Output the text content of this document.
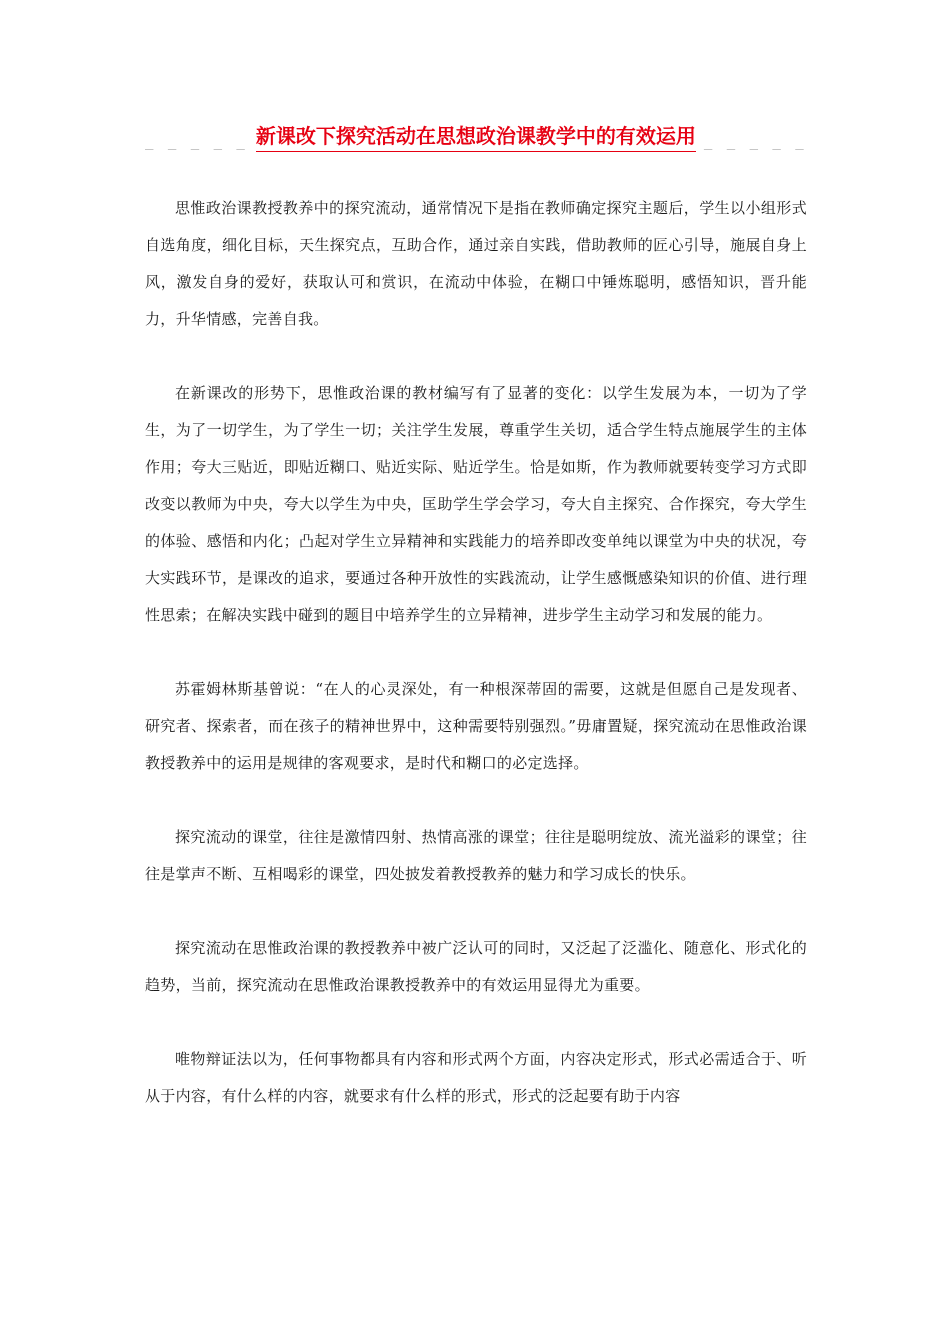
_ _ _ _ _ 新课改下探究活动在思想政治课教学中的有效运用 _ _ _ _ _

思惟政治课教授教养中的探究流动，通常情况下是指在教师确定探究主题后，学生以小组形式自选角度，细化目标，天生探究点，互助合作，通过亲自实践，借助教师的匠心引导，施展自身上风，激发自身的爱好，获取认可和赏识，在流动中体验，在糊口中锤炼聪明，感悟知识，晋升能力，升华情感，完善自我。

在新课改的形势下，思惟政治课的教材编写有了显著的变化：以学生发展为本，一切为了学生，为了一切学生，为了学生一切；关注学生发展，尊重学生关切，适合学生特点施展学生的主体作用；夸大三贴近，即贴近糊口、贴近实际、贴近学生。恰是如斯，作为教师就要转变学习方式即改变以教师为中央，夸大以学生为中央，匡助学生学会学习，夸大自主探究、合作探究，夸大学生的体验、感悟和内化；凸起对学生立异精神和实践能力的培养即改变单纯以课堂为中央的状况，夸大实践环节，是课改的追求，要通过各种开放性的实践流动，让学生感慨感染知识的价值、进行理性思索；在解决实践中碰到的题目中培养学生的立异精神，进步学生主动学习和发展的能力。

苏霍姆林斯基曾说：“在人的心灵深处，有一种根深蒂固的需要，这就是但愿自己是发现者、研究者、探索者，而在孩子的精神世界中，这种需要特别强烈。”毋庸置疑，探究流动在思惟政治课教授教养中的运用是规律的客观要求，是时代和糊口的必定选择。

探究流动的课堂，往往是激情四射、热情高涨的课堂；往往是聪明绽放、流光溢彩的课堂；往往是掌声不断、互相喝彩的课堂，四处披发着教授教养的魅力和学习成长的快乐。

探究流动在思惟政治课的教授教养中被广泛认可的同时，又泛起了泛滥化、随意化、形式化的趋势，当前，探究流动在思惟政治课教授教养中的有效运用显得尤为重要。

唯物辩证法以为，任何事物都具有内容和形式两个方面，内容决定形式，形式必需适合于、听从于内容，有什么样的内容，就要求有什么样的形式，形式的泛起要有助于内容
